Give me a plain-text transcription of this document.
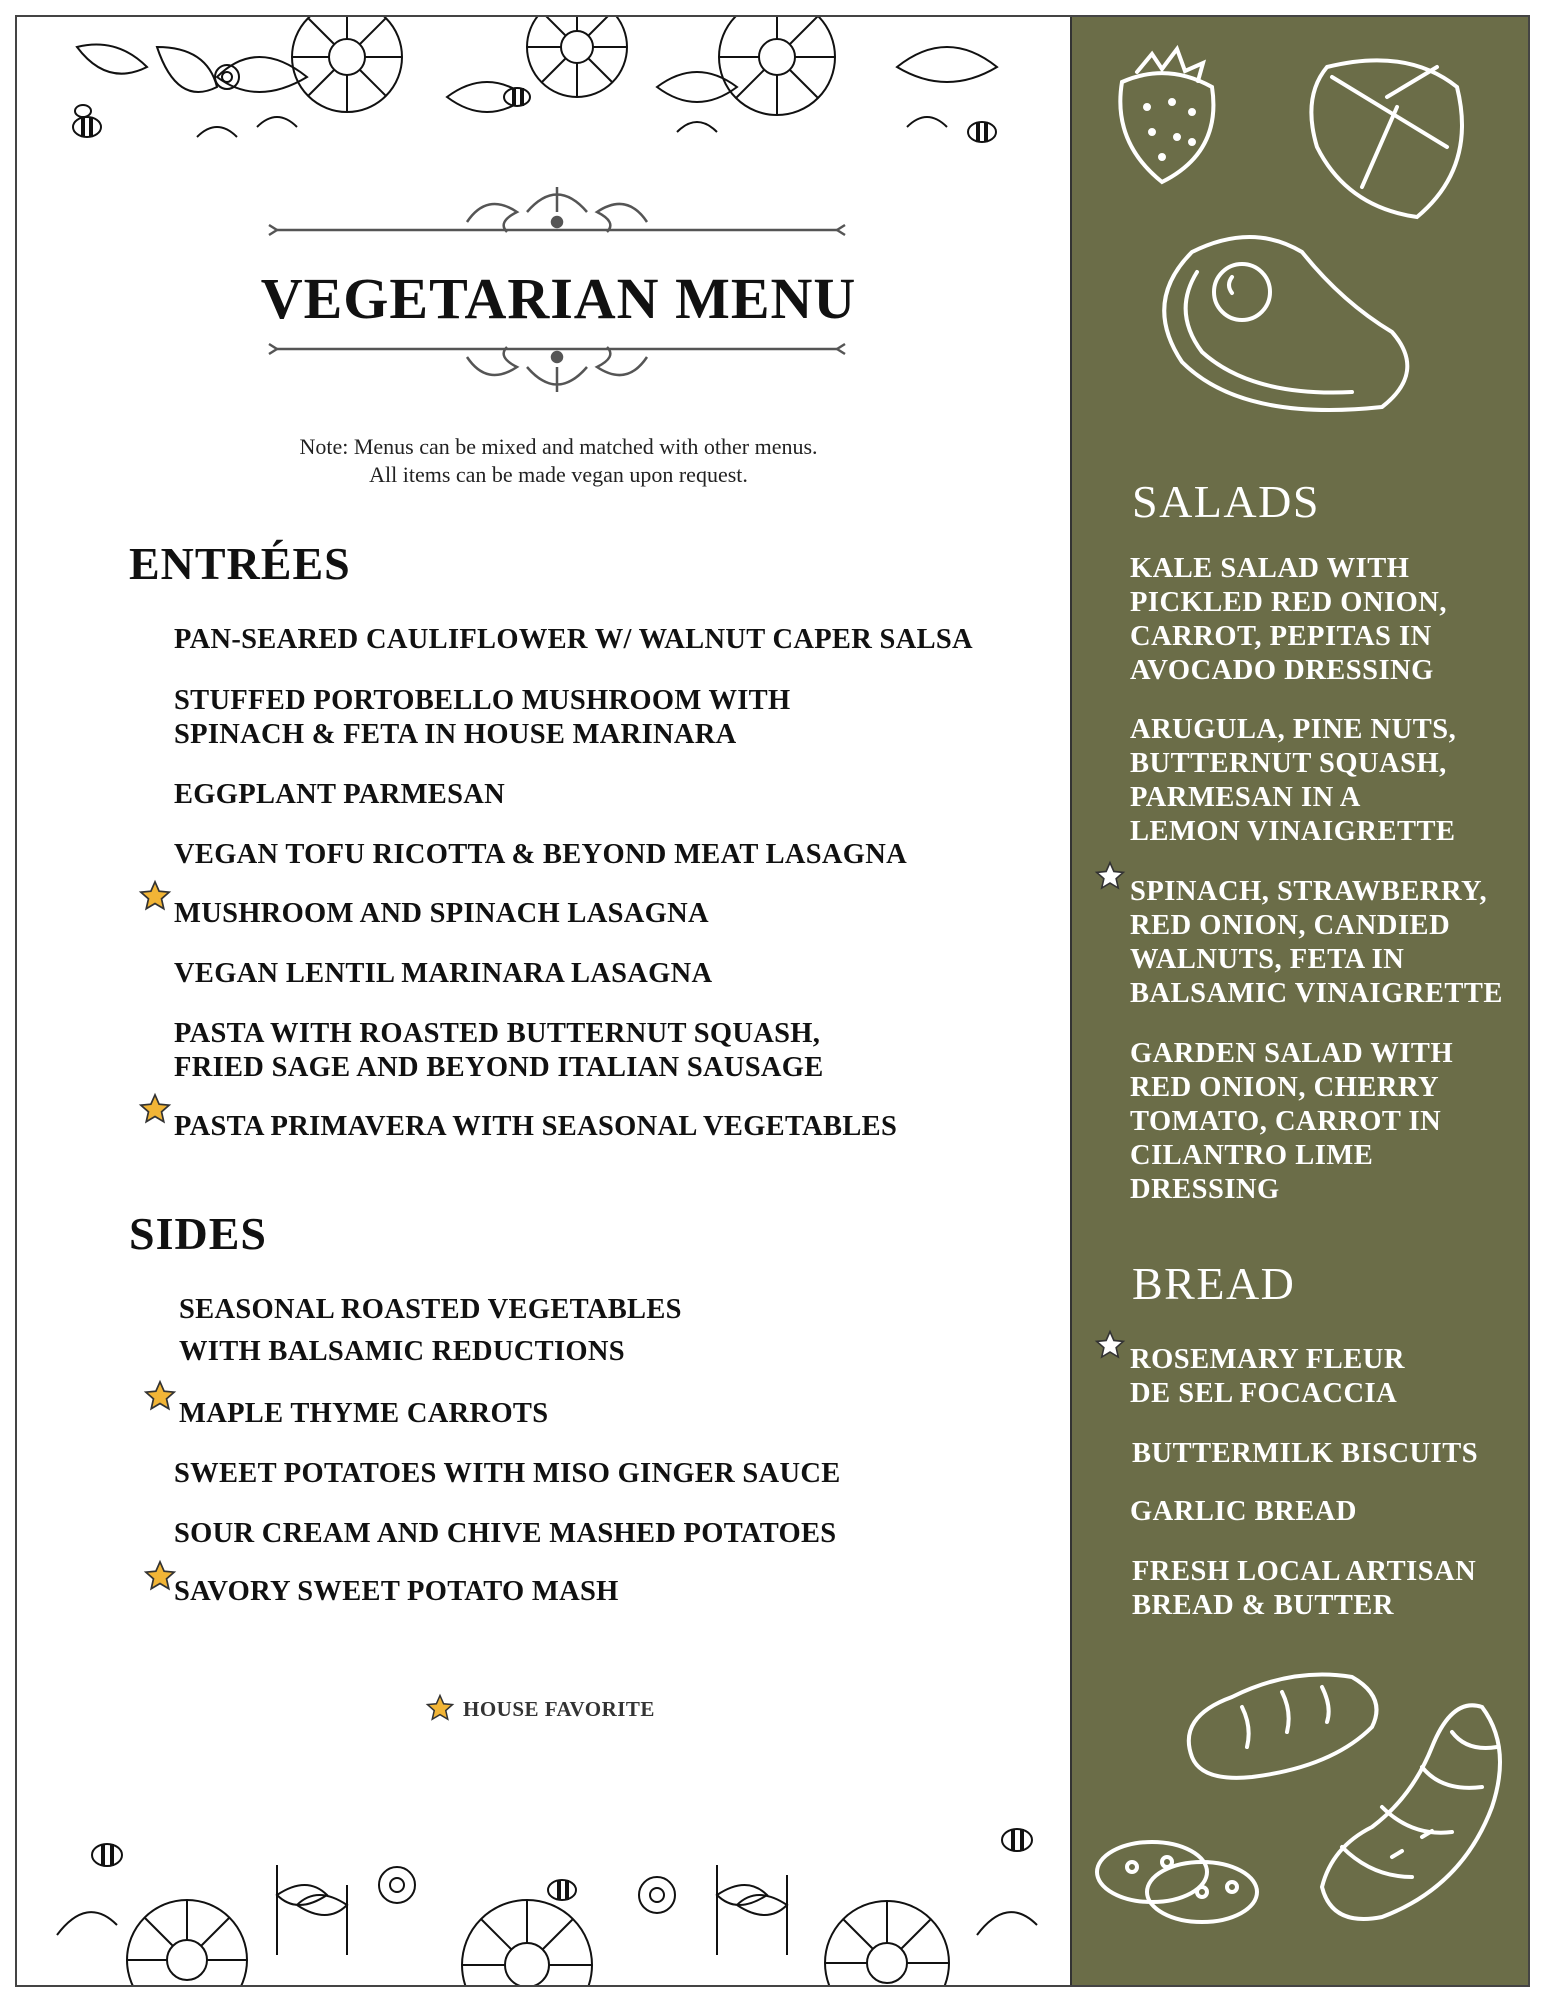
VEGETARIAN MENU
Note: Menus can be mixed and matched with other menus.
All items can be made vegan upon request.
ENTRÉES
PAN-SEARED CAULIFLOWER W/ WALNUT CAPER SALSA
STUFFED PORTOBELLO MUSHROOM WITH
SPINACH & FETA IN HOUSE MARINARA
EGGPLANT PARMESAN
VEGAN TOFU RICOTTA & BEYOND MEAT LASAGNA
MUSHROOM AND SPINACH LASAGNA
VEGAN LENTIL MARINARA LASAGNA
PASTA WITH ROASTED BUTTERNUT SQUASH,
FRIED SAGE AND BEYOND ITALIAN SAUSAGE
PASTA PRIMAVERA WITH SEASONAL VEGETABLES
SIDES
SEASONAL ROASTED VEGETABLES
WITH BALSAMIC REDUCTIONS
MAPLE THYME CARROTS
SWEET POTATOES WITH MISO GINGER SAUCE
SOUR CREAM AND CHIVE MASHED POTATOES
SAVORY SWEET POTATO MASH
HOUSE FAVORITE
SALADS
KALE SALAD WITH
PICKLED RED ONION,
CARROT, PEPITAS IN
AVOCADO DRESSING
ARUGULA, PINE NUTS,
BUTTERNUT SQUASH,
PARMESAN IN A
LEMON VINAIGRETTE
SPINACH, STRAWBERRY,
RED ONION, CANDIED
WALNUTS, FETA IN
BALSAMIC VINAIGRETTE
GARDEN SALAD WITH
RED ONION, CHERRY
TOMATO, CARROT IN
CILANTRO LIME
DRESSING
BREAD
ROSEMARY FLEUR
DE SEL FOCACCIA
BUTTERMILK BISCUITS
GARLIC BREAD
FRESH LOCAL ARTISAN
BREAD & BUTTER
